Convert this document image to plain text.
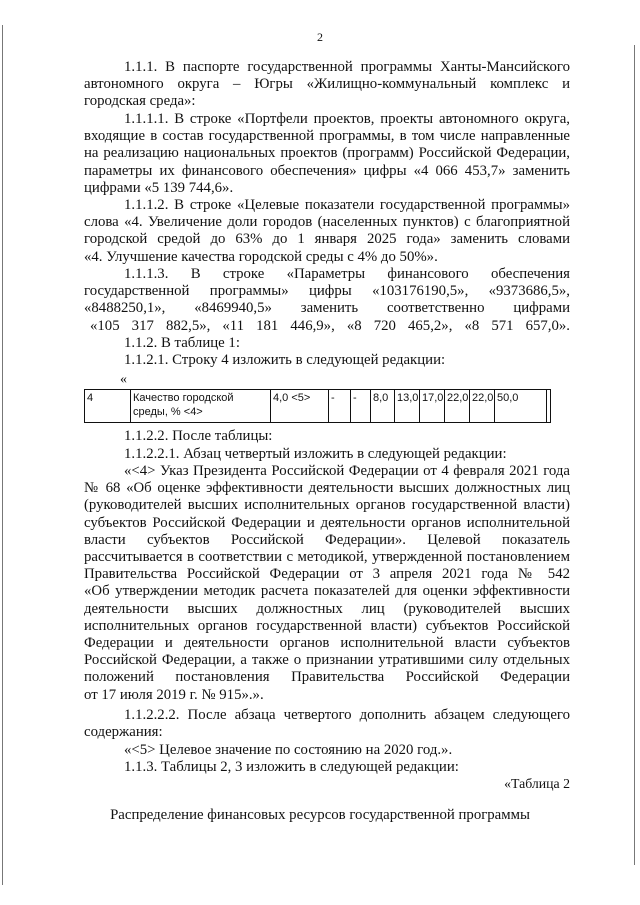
2
1.1.1. В паспорте государственной программы Ханты-Мансийского
автономного округа – Югры «Жилищно-коммунальный комплекс и
городская среда»:
1.1.1.1. В строке «Портфели проектов, проекты автономного округа,
входящие в состав государственной программы, в том числе направленные
на реализацию национальных проектов (программ) Российской Федерации,
параметры их финансового обеспечения» цифры «4 066 453,7» заменить
цифрами «5 139 744,6».
1.1.1.2. В строке «Целевые показатели государственной программы»
слова «4. Увеличение доли городов (населенных пунктов) с благоприятной
городской средой до 63% до 1 января 2025 года» заменить словами
«4. Улучшение качества городской среды с 4% до 50%».
1.1.1.3. В строке «Параметры финансового обеспечения
государственной программы» цифры «103176190,5», «9373686,5»,
«8488250,1», «8469940,5» заменить соответственно цифрами
«105 317 882,5», «11 181 446,9», «8 720 465,2», «8 571 657,0».
1.1.2. В таблице 1:
1.1.2.1. Строку 4 изложить в следующей редакции:
«
4	Качество городской среды, % <4>	4,0 <5>	-	-	8,0	13,0	17,0	22,0	22,0	50,0	
1.1.2.2. После таблицы:
1.1.2.2.1. Абзац четвертый изложить в следующей редакции:
«<4> Указ Президента Российской Федерации от 4 февраля 2021 года
№ 68 «Об оценке эффективности деятельности высших должностных лиц
(руководителей высших исполнительных органов государственной власти)
субъектов Российской Федерации и деятельности органов исполнительной
власти субъектов Российской Федерации». Целевой показатель
рассчитывается в соответствии с методикой, утвержденной постановлением
Правительства Российской Федерации от 3 апреля 2021 года № 542
«Об утверждении методик расчета показателей для оценки эффективности
деятельности высших должностных лиц (руководителей высших
исполнительных органов государственной власти) субъектов Российской
Федерации и деятельности органов исполнительной власти субъектов
Российской Федерации, а также о признании утратившими силу отдельных
положений постановления Правительства Российской Федерации
от 17 июля 2019 г. № 915».».
1.1.2.2.2. После абзаца четвертого дополнить абзацем следующего
содержания:
«<5> Целевое значение по состоянию на 2020 год.».
1.1.3. Таблицы 2, 3 изложить в следующей редакции:
«Таблица 2
Распределение финансовых ресурсов государственной программы
